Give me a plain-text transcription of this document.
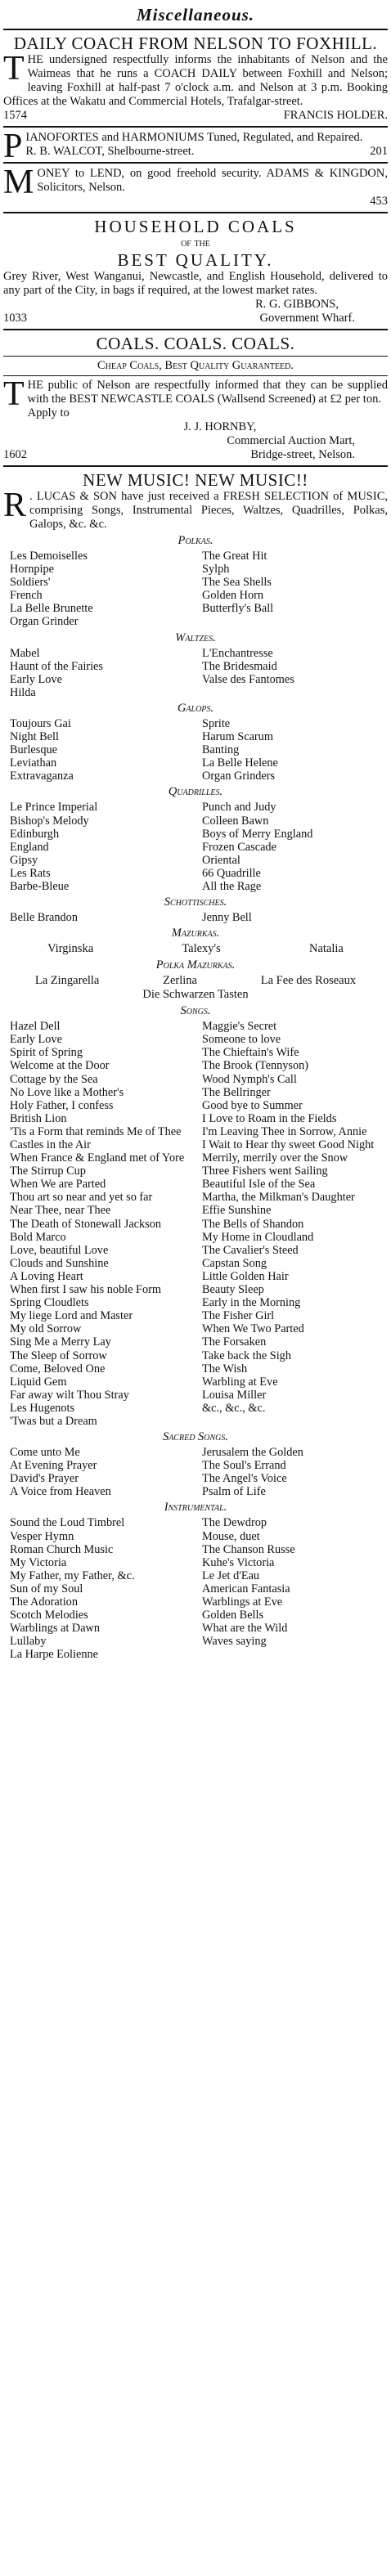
Miscellaneous.
DAILY COACH FROM NELSON TO FOXHILL.
THE undersigned respectfully informs the inhabitants of Nelson and the Waimeas that he runs a COACH DAILY between Foxhill and Nelson; leaving Foxhill at half-past 7 o'clock a.m. and Nelson at 3 p.m. Booking Offices at the Wakatu and Commercial Hotels, Trafalgar-street.
1574	FRANCIS HOLDER.
PIANOFORTES and HARMONIUMS Tuned, Regulated, and Repaired.
R. B. WALCOT, Shelbourne-street.	201
MONEY to LEND, on good freehold security. ADAMS & KINGDON, Solicitors, Nelson.
453
HOUSEHOLD COALS
of the
BEST QUALITY.
Grey River, West Wanganui, Newcastle, and English Household, delivered to any part of the City, in bags if required, at the lowest market rates.
R. G. GIBBONS,
1033	Government Wharf.
COALS. COALS. COALS.
Cheap Coals, Best Quality Guaranteed.
THE public of Nelson are respectfully informed that they can be supplied with the BEST NEWCASTLE COALS (Wallsend Screened) at £2 per ton.
Apply to
J. J. HORNBY,
Commercial Auction Mart,
1602	Bridge-street, Nelson.
NEW MUSIC! NEW MUSIC!!
R . LUCAS & SON have just received a FRESH SELECTION of MUSIC, comprising Songs, Instrumental Pieces, Waltzes, Quadrilles, Polkas, Galops, &c. &c.
Polkas.
Les Demoiselles	The Great Hit
Hornpipe	Sylph
Soldiers'	The Sea Shells
French	Golden Horn
La Belle Brunette	Butterfly's Ball
Organ Grinder
Waltzes.
Mabel	L'Enchantresse
Haunt of the Fairies	The Bridesmaid
Early Love	Valse des Fantomes
Hilda
Galops.
Toujours Gai	Sprite
Night Bell	Harum Scarum
Burlesque	Banting
Leviathan	La Belle Helene
Extravaganza	Organ Grinders
Quadrilles.
Le Prince Imperial	Punch and Judy
Bishop's Melody	Colleen Bawn
Edinburgh	Boys of Merry England
England	Frozen Cascade
Gipsy	Oriental
Les Rats	66 Quadrille
Barbe-Bleue	All the Rage
Schottisches.
Belle Brandon	Jenny Bell
Mazurkas.
Virginska	Talexy's	Natalia
Polka Mazurkas.
La Zingarella	Zerlina	La Fee des Roseaux
Die Schwarzen Tasten
Songs.
Hazel Dell	Maggie's Secret
Early Love	Someone to love
Spirit of Spring	The Chieftain's Wife
Welcome at the Door	The Brook (Tennyson)
Cottage by the Sea	Wood Nymph's Call
No Love like a Mother's	The Bellringer
Holy Father, I confess	Good bye to Summer
British Lion	I Love to Roam in the Fields
'Tis a Form that reminds Me of Thee	I'm Leaving Thee in Sorrow, Annie
Castles in the Air	I Wait to Hear thy sweet Good Night
When France & England met of Yore	Merrily, merrily over the Snow
The Stirrup Cup	Three Fishers went Sailing
When We are Parted	Beautiful Isle of the Sea
Thou art so near and yet so far	Martha, the Milkman's Daughter
Near Thee, near Thee	Effie Sunshine
The Death of Stonewall Jackson	The Bells of Shandon
Bold Marco	My Home in Cloudland
Love, beautiful Love	The Cavalier's Steed
Clouds and Sunshine	Capstan Song
A Loving Heart	Little Golden Hair
When first I saw his noble Form	Beauty Sleep
Spring Cloudlets	Early in the Morning
My liege Lord and Master	The Fisher Girl
My old Sorrow	When We Two Parted
Sing Me a Merry Lay	The Forsaken
The Sleep of Sorrow	Take back the Sigh
Come, Beloved One	The Wish
Liquid Gem	Warbling at Eve
Far away wilt Thou Stray	Louisa Miller
Les Hugenots	&c., &c., &c.
'Twas but a Dream
Sacred Songs.
Come unto Me	Jerusalem the Golden
At Evening Prayer	The Soul's Errand
David's Prayer	The Angel's Voice
A Voice from Heaven	Psalm of Life
Instrumental.
Sound the Loud Timbrel	The Dewdrop
Vesper Hymn	Mouse, duet
Roman Church Music	The Chanson Russe
My Victoria	Kuhe's Victoria
My Father, my Father, &c.	Le Jet d'Eau
Sun of my Soul	American Fantasia
The Adoration	Warblings at Eve
Scotch Melodies	Golden Bells
Warblings at Dawn	What are the Wild
Lullaby	Waves saying
La Harpe Eolienne
